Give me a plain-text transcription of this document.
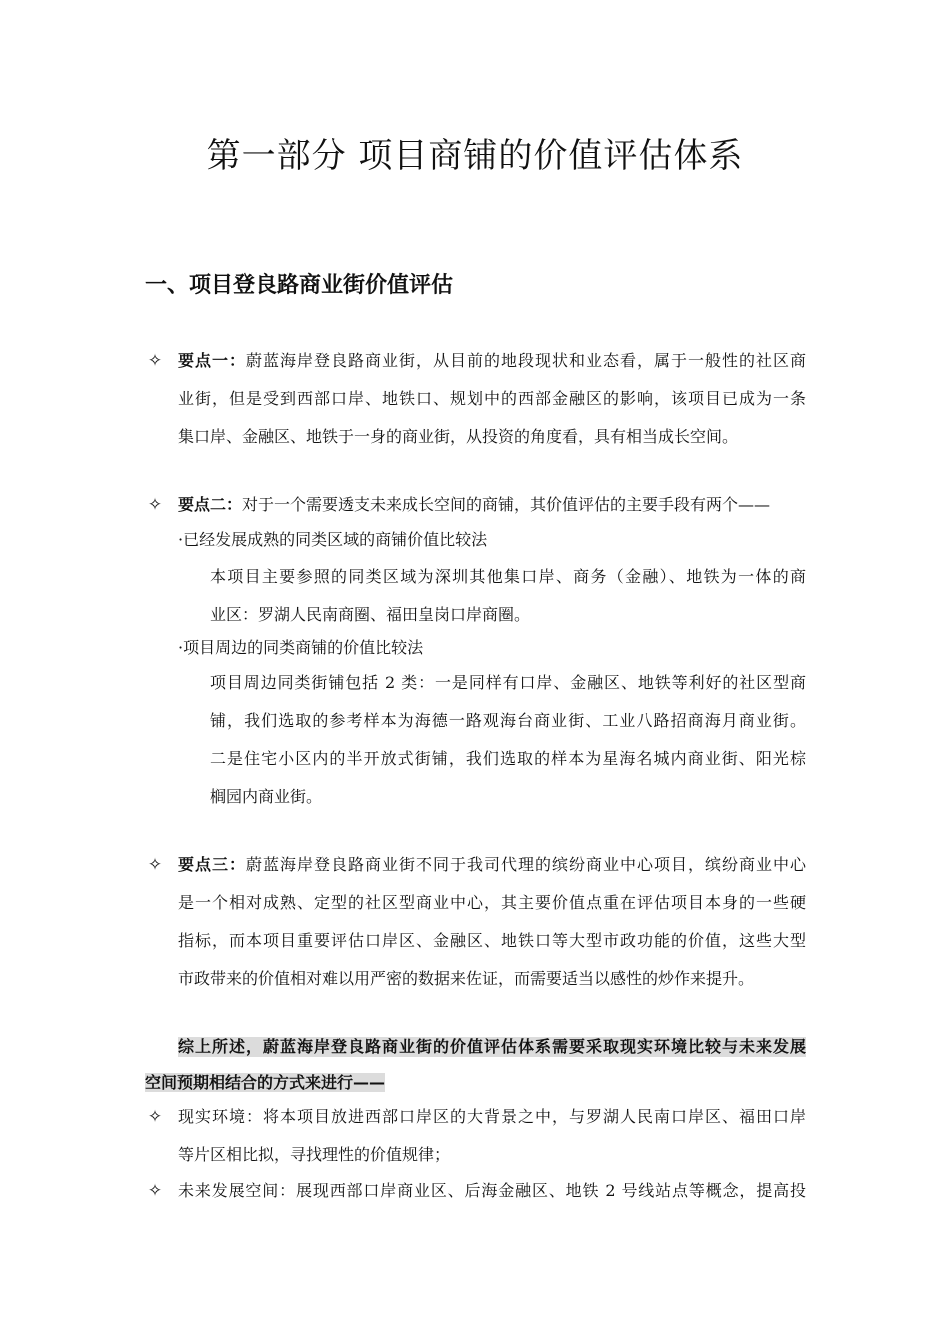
第一部分 项目商铺的价值评估体系
一、项目登良路商业街价值评估
✧ 要点一：蔚蓝海岸登良路商业街，从目前的地段现状和业态看，属于一般性的社区商
业街，但是受到西部口岸、地铁口、规划中的西部金融区的影响，该项目已成为一条
集口岸、金融区、地铁于一身的商业街，从投资的角度看，具有相当成长空间。
✧ 要点二：对于一个需要透支未来成长空间的商铺，其价值评估的主要手段有两个——
·已经发展成熟的同类区域的商铺价值比较法
本项目主要参照的同类区域为深圳其他集口岸、商务（金融）、地铁为一体的商
业区：罗湖人民南商圈、福田皇岗口岸商圈。
·项目周边的同类商铺的价值比较法
项目周边同类街铺包括 2 类：一是同样有口岸、金融区、地铁等利好的社区型商
铺，我们选取的参考样本为海德一路观海台商业街、工业八路招商海月商业街。
二是住宅小区内的半开放式街铺，我们选取的样本为星海名城内商业街、阳光棕
榈园内商业街。
✧ 要点三：蔚蓝海岸登良路商业街不同于我司代理的缤纷商业中心项目，缤纷商业中心
是一个相对成熟、定型的社区型商业中心，其主要价值点重在评估项目本身的一些硬
指标，而本项目重要评估口岸区、金融区、地铁口等大型市政功能的价值，这些大型
市政带来的价值相对难以用严密的数据来佐证，而需要适当以感性的炒作来提升。
综上所述，蔚蓝海岸登良路商业街的价值评估体系需要采取现实环境比较与未来发展
空间预期相结合的方式来进行——
✧ 现实环境：将本项目放进西部口岸区的大背景之中，与罗湖人民南口岸区、福田口岸
等片区相比拟，寻找理性的价值规律；
✧ 未来发展空间：展现西部口岸商业区、后海金融区、地铁 2 号线站点等概念，提高投
